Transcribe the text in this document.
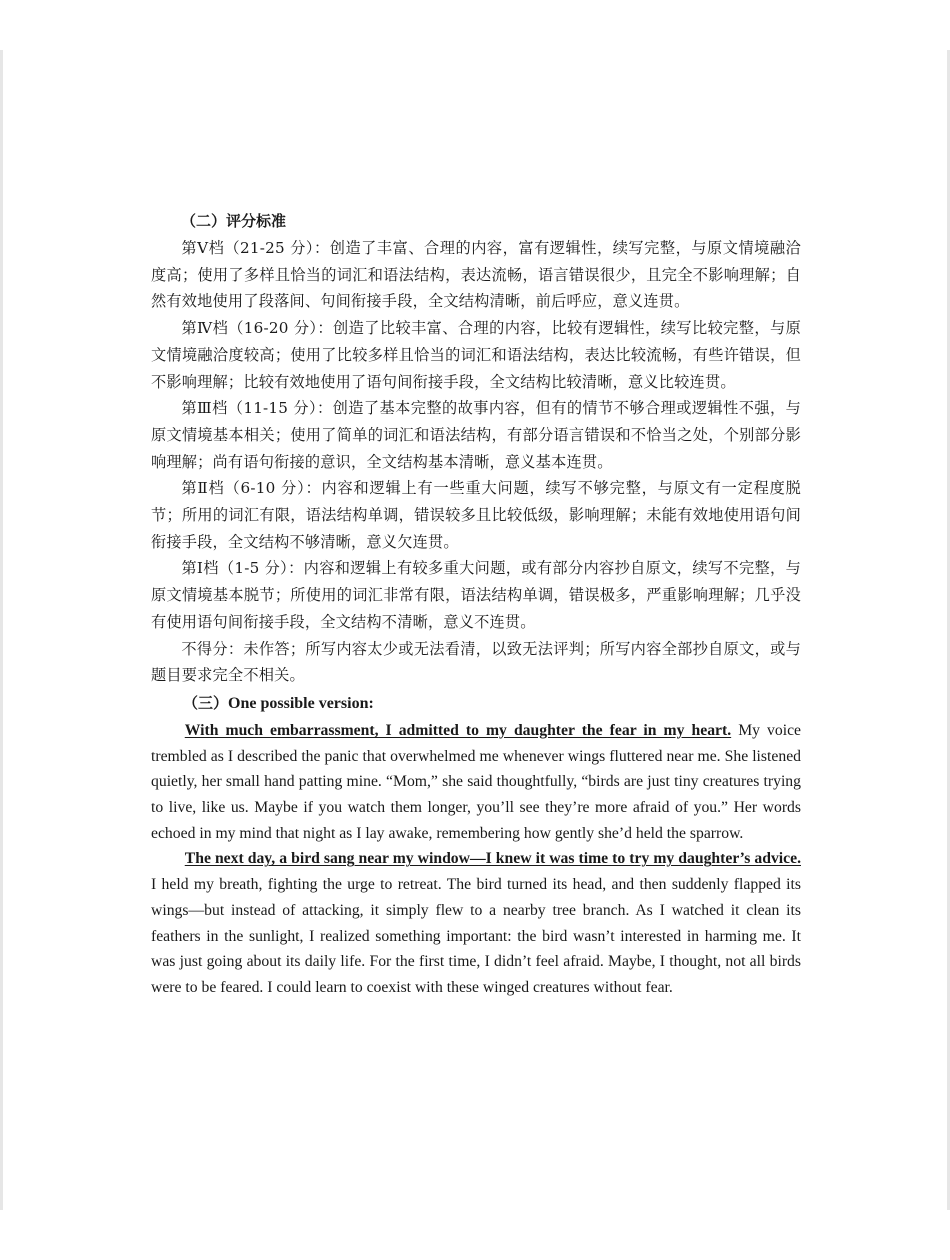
（二）评分标准

第Ⅴ档（21-25 分）：创造了丰富、合理的内容，富有逻辑性，续写完整，与原文情境融洽度高；使用了多样且恰当的词汇和语法结构，表达流畅，语言错误很少，且完全不影响理解；自然有效地使用了段落间、句间衔接手段，全文结构清晰，前后呼应，意义连贯。

第Ⅳ档（16-20 分）：创造了比较丰富、合理的内容，比较有逻辑性，续写比较完整，与原文情境融洽度较高；使用了比较多样且恰当的词汇和语法结构，表达比较流畅，有些许错误，但不影响理解；比较有效地使用了语句间衔接手段，全文结构比较清晰，意义比较连贯。

第Ⅲ档（11-15 分）：创造了基本完整的故事内容，但有的情节不够合理或逻辑性不强，与原文情境基本相关；使用了简单的词汇和语法结构，有部分语言错误和不恰当之处，个别部分影响理解；尚有语句衔接的意识，全文结构基本清晰，意义基本连贯。

第Ⅱ档（6-10 分）：内容和逻辑上有一些重大问题，续写不够完整，与原文有一定程度脱节；所用的词汇有限，语法结构单调，错误较多且比较低级，影响理解；未能有效地使用语句间衔接手段，全文结构不够清晰，意义欠连贯。

第Ⅰ档（1-5 分）：内容和逻辑上有较多重大问题，或有部分内容抄自原文，续写不完整，与原文情境基本脱节；所使用的词汇非常有限，语法结构单调，错误极多，严重影响理解；几乎没有使用语句间衔接手段，全文结构不清晰，意义不连贯。

不得分：未作答；所写内容太少或无法看清，以致无法评判；所写内容全部抄自原文，或与题目要求完全不相关。

（三）One possible version:

With much embarrassment, I admitted to my daughter the fear in my heart. My voice trembled as I described the panic that overwhelmed me whenever wings fluttered near me. She listened quietly, her small hand patting mine. “Mom,” she said thoughtfully, “birds are just tiny creatures trying to live, like us. Maybe if you watch them longer, you’ll see they’re more afraid of you.” Her words echoed in my mind that night as I lay awake, remembering how gently she’d held the sparrow.

The next day, a bird sang near my window—I knew it was time to try my daughter’s advice. I held my breath, fighting the urge to retreat. The bird turned its head, and then suddenly flapped its wings—but instead of attacking, it simply flew to a nearby tree branch. As I watched it clean its feathers in the sunlight, I realized something important: the bird wasn’t interested in harming me. It was just going about its daily life. For the first time, I didn’t feel afraid. Maybe, I thought, not all birds were to be feared. I could learn to coexist with these winged creatures without fear.
